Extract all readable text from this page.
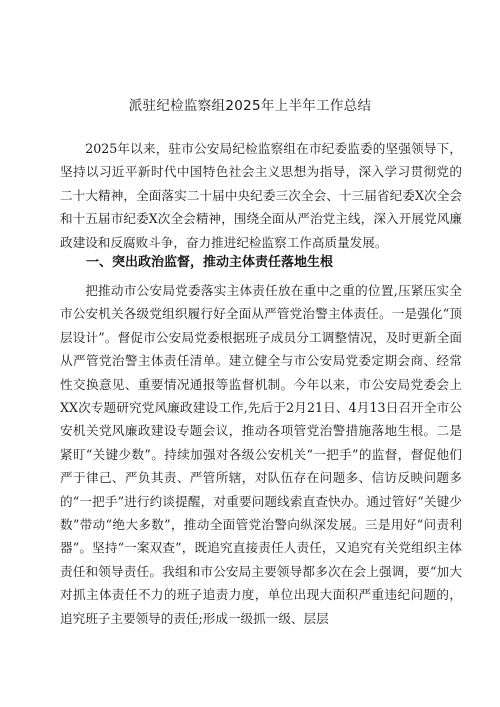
派驻纪检监察组2025年上半年工作总结

2025年以来，驻市公安局纪检监察组在市纪委监委的坚强领导下，坚持以习近平新时代中国特色社会主义思想为指导，深入学习贯彻党的二十大精神，全面落实二十届中央纪委三次全会、十三届省纪委X次全会和十五届市纪委X次全会精神，围绕全面从严治党主线，深入开展党风廉政建设和反腐败斗争，奋力推进纪检监察工作高质量发展。

一、突出政治监督，推动主体责任落地生根

把推动市公安局党委落实主体责任放在重中之重的位置,压紧压实全市公安机关各级党组织履行好全面从严管党治警主体责任。一是强化“顶层设计”。督促市公安局党委根据班子成员分工调整情况，及时更新全面从严管党治警主体责任清单。建立健全与市公安局党委定期会商、经常性交换意见、重要情况通报等监督机制。今年以来，市公安局党委会上XX次专题研究党风廉政建设工作,先后于2月21日、4月13日召开全市公安机关党风廉政建设专题会议，推动各项管党治警措施落地生根。二是紧盯“关键少数”。持续加强对各级公安机关“一把手”的监督，督促他们严于律己、严负其责、严管所辖，对队伍存在问题多、信访反映问题多的“一把手”进行约谈提醒，对重要问题线索直查快办。通过管好“关键少数”带动“绝大多数”，推动全面管党治警向纵深发展。三是用好“问责利器”。坚持“一案双查”，既追究直接责任人责任，又追究有关党组织主体责任和领导责任。我组和市公安局主要领导都多次在会上强调，要“加大对抓主体责任不力的班子追责力度，单位出现大面积严重违纪问题的，追究班子主要领导的责任;形成一级抓一级、层层
